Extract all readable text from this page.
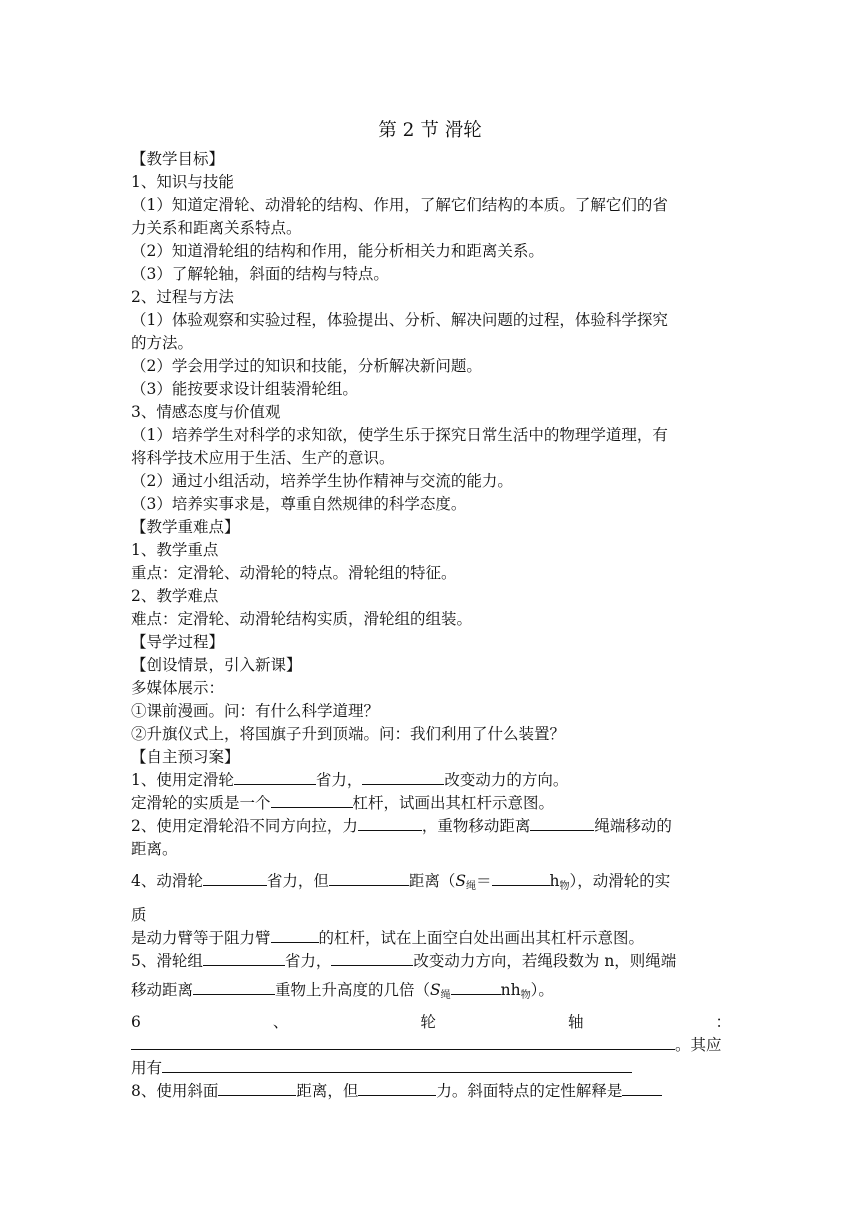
第 2 节 滑轮
【教学目标】
1、知识与技能
（1）知道定滑轮、动滑轮的结构、作用，了解它们结构的本质。了解它们的省
力关系和距离关系特点。
（2）知道滑轮组的结构和作用，能分析相关力和距离关系。
（3）了解轮轴，斜面的结构与特点。
2、过程与方法
（1）体验观察和实验过程，体验提出、分析、解决问题的过程，体验科学探究
的方法。
（2）学会用学过的知识和技能，分析解决新问题。
（3）能按要求设计组装滑轮组。
3、情感态度与价值观
（1）培养学生对科学的求知欲，使学生乐于探究日常生活中的物理学道理，有
将科学技术应用于生活、生产的意识。
（2）通过小组活动，培养学生协作精神与交流的能力。
（3）培养实事求是，尊重自然规律的科学态度。
【教学重难点】
1、教学重点
重点：定滑轮、动滑轮的特点。滑轮组的特征。
2、教学难点
难点：定滑轮、动滑轮结构实质，滑轮组的组装。
【导学过程】
【创设情景，引入新课】
多媒体展示：
①课前漫画。问：有什么科学道理？
②升旗仪式上，将国旗子升到顶端。问：我们利用了什么装置？
【自主预习案】
1、使用定滑轮	省力，	改变动力的方向。
定滑轮的实质是一个	杠杆，试画出其杠杆示意图。
2、使用定滑轮沿不同方向拉，力	，重物移动距离	绳端移动的
距离。
4、动滑轮	省力，但	距离（S绳＝	h物），动滑轮的实
质
是动力臂等于阻力臂	的杠杆，试在上面空白处出画出其杠杆示意图。
5、滑轮组	省力，	改变动力方向，若绳段数为 n，则绳端
移动距离	重物上升高度的几倍（S绳	nh物）。
6	、	轮	轴	：
。其应
用有
8、使用斜面	距离，但	力。斜面特点的定性解释是
